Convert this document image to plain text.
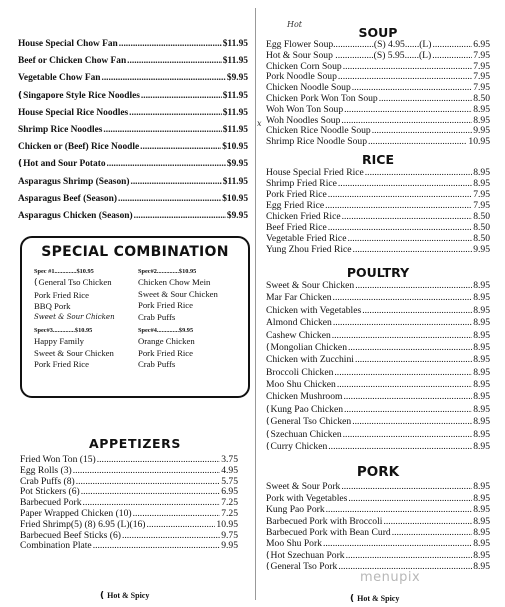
House Special Chow Fan .....	$11.95
Beef or Chicken Chow Fan .....	$11.95
Vegetable Chow Fan .....	$9.95
(Singapore Style Rice Noodles .....	$11.95
House Special Rice Noodles .....	$11.95
Shrimp Rice Noodles .....	$11.95
Chicken or (Beef) Rice Noodle .....	$10.95
(Hot and Sour Potato .....	$9.95
Asparagus Shrimp (Season) .....	$11.95
Asparagus Beef (Season) .....	$10.95
Asparagus Chicken (Season) .....	$9.95
SPECIAL COMBINATION
Spec #1..............$10.95
(General Tso Chicken
Pork Fried Rice
BBQ Pork
Sweet & Sour Chicken
Spec#2..............$10.95
Chicken Chow Mein
Sweet & Sour Chicken
Pork Fried Rice
Crab Puffs
Spec#3..............$10.95
Happy Family
Sweet & Sour Chicken
Pork Fried Rice
Spec#4..............$9.95
Orange Chicken
Pork Fried Rice
Crab Puffs
APPETIZERS
Fried Won Ton (15) .....	3.75
Egg Rolls (3) .....	4.95
Crab Puffs (8) .....	5.75
Pot Stickers (6) .....	6.95
Barbecued Pork .....	7.25
Paper Wrapped Chicken (10) .....	7.25
Fried Shrimp(5) (8) 6.95 (L)(16) .....	10.95
Barbecued Beef Sticks (6) .....	9.75
Combination Plate .....	9.95
SOUP
Egg Flower Soup.................(S) 4.95......(L) .....	6.95
Hot & Sour Soup ................(S) 5.95......(L) .....	7.95
Chicken Corn Soup .....	7.95
Pork Noodle Soup .....	7.95
Chicken Noodle Soup .....	7.95
Chicken Pork Won Ton Soup .....	8.50
Woh Won Ton Soup .....	8.95
Woh Noodles Soup .....	8.95
Chicken Rice Noodle Soup .....	9.95
Shrimp Rice Noodle Soup .....	10.95
RICE
House Special Fried Rice .....	8.95
Shrimp Fried Rice .....	8.95
Pork Fried Rice .....	7.95
Egg Fried Rice .....	7.95
Chicken Fried Rice .....	8.50
Beef Fried Rice .....	8.50
Vegetable Fried Rice .....	8.50
Yung Zhou Fried Rice .....	9.95
POULTRY
Sweet & Sour Chicken .....	8.95
Mar Far Chicken .....	8.95
Chicken with Vegetables .....	8.95
Almond Chicken .....	8.95
Cashew Chicken .....	8.95
(Mongolian Chicken .....	8.95
Chicken with Zucchini .....	8.95
Broccoli Chicken .....	8.95
Moo Shu Chicken .....	8.95
Chicken Mushroom .....	8.95
(Kung Pao Chicken .....	8.95
(General Tso Chicken .....	8.95
(Szechuan Chicken .....	8.95
(Curry Chicken .....	8.95
PORK
Sweet & Sour Pork .....	8.95
Pork with Vegetables .....	8.95
Kung Pao Pork .....	8.95
Barbecued Pork with Broccoli .....	8.95
Barbecued Pork with Bean Curd .....	8.95
Moo Shu Pork .....	8.95
(Hot Szechuan Pork .....	8.95
(General Tso Pork .....	8.95
Hot
x
( Hot & Spicy	( Hot & Spicy
menupix
